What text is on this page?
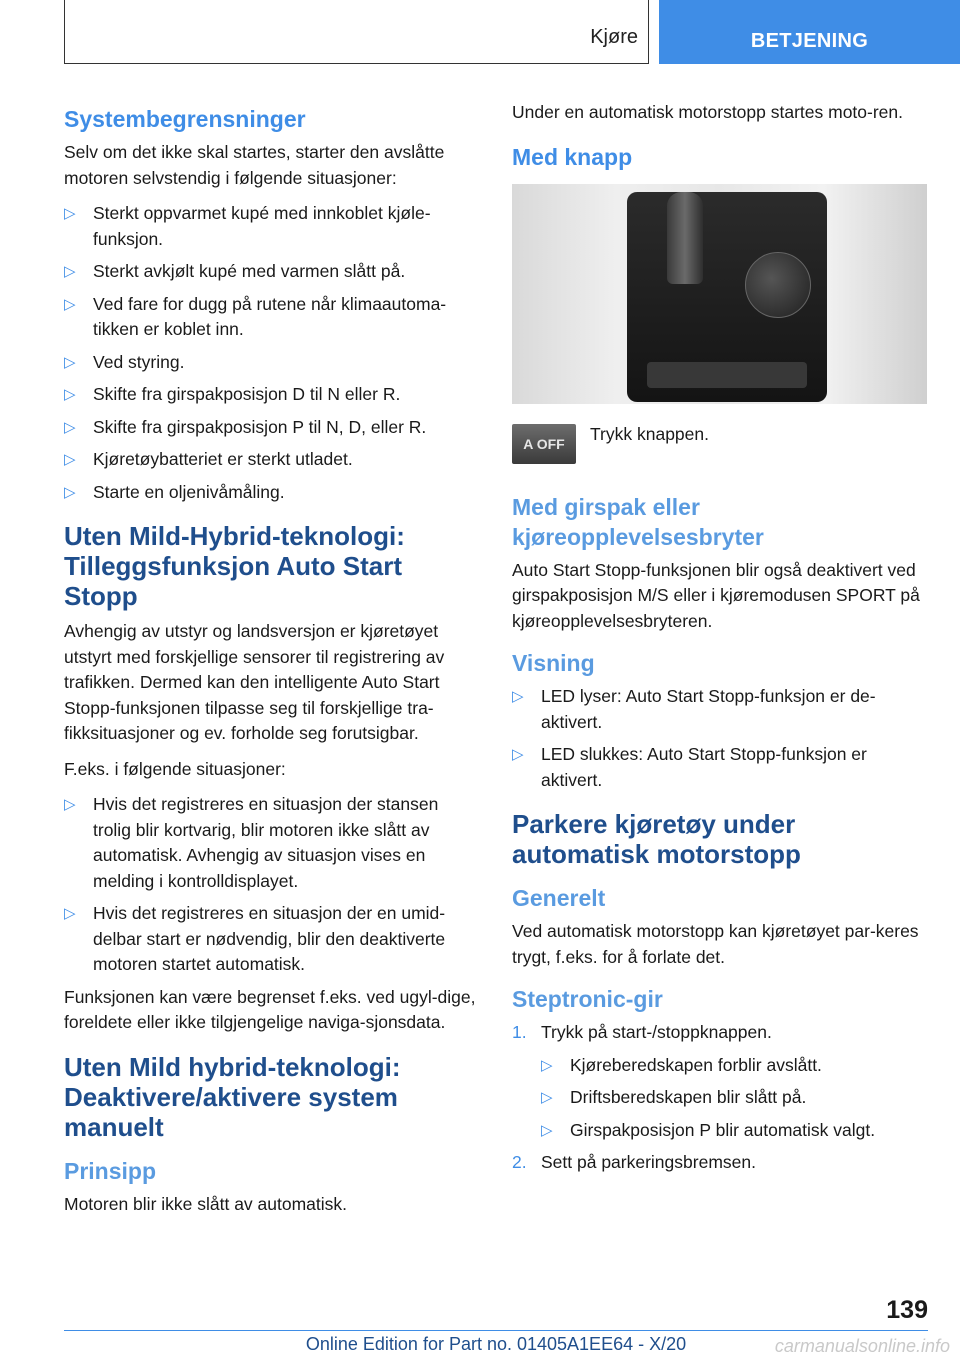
Kjøre	BETJENING
Systembegrensninger

Selv om det ikke skal startes, starter den avslåtte motoren selvstendig i følgende situasjoner:

▷ Sterkt oppvarmet kupé med innkoblet kjøle-funksjon.
▷ Sterkt avkjølt kupé med varmen slått på.
▷ Ved fare for dugg på rutene når klimaautoma-tikken er koblet inn.
▷ Ved styring.
▷ Skifte fra girspakposisjon D til N eller R.
▷ Skifte fra girspakposisjon P til N, D, eller R.
▷ Kjøretøybatteriet er sterkt utladet.
▷ Starte en oljenivåmåling.
Uten Mild-Hybrid-teknologi: Tilleggsfunksjon Auto Start Stopp

Avhengig av utstyr og landsversjon er kjøretøyet utstyrt med forskjellige sensorer til registrering av trafikken. Dermed kan den intelligente Auto Start Stopp-funksjonen tilpasse seg til forskjellige tra-fikksituasjoner og ev. forholde seg forutsigbar.

F.eks. i følgende situasjoner:

▷ Hvis det registreres en situasjon der stansen trolig blir kortvarig, blir motoren ikke slått av automatisk. Avhengig av situasjon vises en melding i kontrolldisplayet.
▷ Hvis det registreres en situasjon der en umid-delbar start er nødvendig, blir den deaktiverte motoren startet automatisk.

Funksjonen kan være begrenset f.eks. ved ugyl-dige, foreldete eller ikke tilgjengelige naviga-sjonsdata.

Uten Mild hybrid-teknologi: Deaktivere/aktivere system manuelt
Prinsipp

Motoren blir ikke slått av automatisk.

Under en automatisk motorstopp startes moto-ren.

Med knapp
A OFF Trykk knappen.

Med girspak eller kjøreopplevelsesbryter

Auto Start Stopp-funksjonen blir også deaktivert ved girspakposisjon M/S eller i kjøremodusen SPORT på kjøreopplevelsesbryteren.

Visning
▷ LED lyser: Auto Start Stopp-funksjon er de-aktivert.
▷ LED slukkes: Auto Start Stopp-funksjon er aktivert.
Parkere kjøretøy under automatisk motorstopp
Generelt

Ved automatisk motorstopp kan kjøretøyet par-keres trygt, f.eks. for å forlate det.

Steptronic-gir
1. Trykk på start-/stoppknappen.
▷ Kjøreberedskapen forblir avslått.
▷ Driftsberedskapen blir slått på.
▷ Girspakposisjon P blir automatisk valgt.
2. Sett på parkeringsbremsen.
139
Online Edition for Part no. 01405A1EE64 - X/20	carmanualsonline.info
